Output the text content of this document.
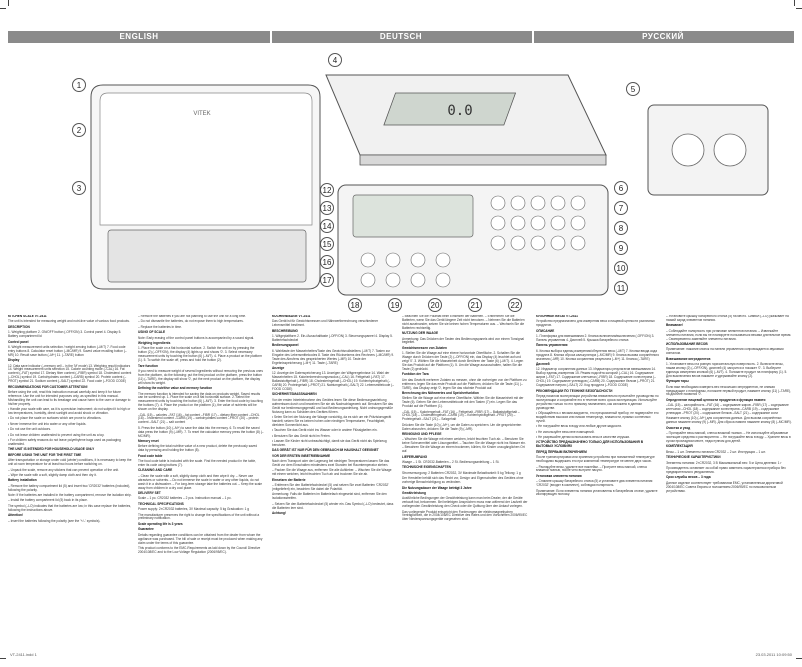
ENGLISH	DEUTSCH	РУССКИЙ
VITEK	0.0
1
2
3
4
5
6
7
8
9
10
11
12
13
14
15
16
17
18	19	20	21	22

KITCHEN SCALE VT-2411

The unit is intended for measuring weight and nutri-tive value of various food products.

DESCRIPTION

1. Weighing platform 2. ON/OFF button (-OFF/ON) 3. Control panel 4. Display 5. Battery compartment lid

Control panel

6. Weight measurement units selection / weight zeroing button (–M/T) 7. Food code entry buttons 8. Calculator reset button (–MC/MR) 9. Saved value recalling button (–MR) 10. Result save button (–M+) 11. (–TARE) button

Display

12. Data save indicator (–memory cell – in the 'M' mode) 13. Weighing result indicators 14. Weight measurement units selection 15. Calorie counting mode (–CAL) 16. Fat content (–FAT) symbol 17. Dietary fiber content (–FIBR) symbol 18. Cholesterol content (–CHOL) symbol 19. Carbohydrates content (–CARB) symbol 20. Protein content (–PROT) symbol 21. Sodium content (–SALT) symbol 22. Food code (–FOOD CODE)

RECOMMENDATIONS FOR CUSTOMER ATTENTION!

Before using the unit, read this instruction manual carefully and keep it for future reference. Use the unit for intended purposes only, as specified in this manual. Mishandling the unit can lead to its breakage and cause harm to the user or damage to his/her property.

• Handle your scale with care, as it is a precision instrument; do not subject it to high or low temperatures, humidity, direct sunlight and avoid shock or vibration.

• Do not place the scale on surfaces which are prone to vibrations.

• Never immerse the unit into water or any other liquids.

• Do not use the unit outdoors.

• Do not leave children unattended to prevent using the unit as a toy.

• For children safety reasons do not leave polyethylene bags used as packaging unattended.

THE UNIT IS INTENDED FOR HOUSEHOLD USAGE ONLY

BEFORE USING THE UNIT FOR THE FIRST TIME

After transportation or storage under cold (winter) conditions, it is necessary to keep the unit at room temperature for at least two hours before switching on.

– Unpack the scale, remove any stickers that can prevent operation of the unit.

– Wipe the scale with a soft, slightly damp cloth and then dry it.

Battery installation

– Remove the battery compartment lid (5) and insert two 'CR2032' batteries (included), following the polarity.

Note: If the batteries are installed in the battery compartment, remove the isolation strip.

– Install the battery compartment lid (5) back in its place.

The symbol (–LO) indicates that the batteries are low; in this case replace the batteries, following the instructions above.

Attention!

– Insert the batteries following the polarity (see the '+/–' symbols).

– Remove the batteries if you are not planning to use the unit for a long time.

– Do not dismantle the batteries, do not expose them to high temperatures.

– Replace the batteries in time.

USING OF SCALE

Note: Early erasing of the control panel buttons is accompanied by a sound signal.

Weighing ingredients

1. Place the scale on a flat horizontal surface. 2. Switch the unit on by pressing the button (2) (–OFF/ON), the display (4) lights up and shows '0'. 3. Select necessary measurement units by touching the button (6) (–M/T). 4. Place a product on the platform (1). 5. To switch the scale off, press and hold the button (2).

Tare function

If you need to measure weight of several ingredients without removing the previous ones from the platform, do the following: put the first product on the platform, press the button (11) (–TARE), the display will show '0', put the next product on the platform, the display will show its weight.

Defining the nutritive value and memory function

The memory function is intended for saving the data on products weight. Saved results can be summed up. 1. Place the scale on a flat horizontal surface. 2. Select the measurement units by touching the button (6) (–M/T). 3. Enter the food code by touching the buttons (7). 4. Place the product on the platform (1), the value of nutrients will be shown on the display.

–CAL (15) – calories –FAT (16) – fat content –FIBR (17) – dietary fiber content –CHOL (18) – cholesterol content –CARB (19) – carbohydrates content –PROT (20) – protein content –SALT (21) – salt content

5. Press the button (10) (–M+) to save the data into the memory. 6. To recall the saved data press the button (9) (–MR). 7. To reset the calculator memory press the button (8) (–MC/MR).

Memory reset

Before defining the total nutritive value of a new product, delete the previously saved data by pressing and holding the button (8).

Food code table

The food code table is included with the scale. Find the needed product in the table, enter its code using buttons (7).

CLEANING AND CARE

– Clean the scale with a soft, slightly damp cloth and then wipe it dry. – Never use abrasives or solvents. – Do not immerse the scale in water or any other liquids, do not wash it in a dishwasher. – For long-term storage take the batteries out. – Keep the scale away from children in a dry cool place.

DELIVERY SET

Scale – 1 pc. CR2032 batteries – 2 pcs. Instruction manual – 1 pc.

TECHNICAL SPECIFICATIONS

Power supply: 2×CR2032 batteries, 3V Maximal capacity: 5 kg Graduation: 1 g

The manufacturer preserves the right to change the specifications of the unit without a preliminary notification.

Scale operating life is 3 years

Guarantee

Details regarding guarantee conditions can be obtained from the dealer from whom the appliance was purchased. The bill of sale or receipt must be produced when making any claim under the terms of this guarantee.

This product conforms to the EMC-Requirements as laid down by the Council Directive 2004/108/EC and to the Low Voltage Regulation (2006/95/EC).

KÜCHENWAAGE VT-2411

Das Gerät ist für Gewichtsmessen und Nährwertberechnung verschiedener Lebensmittel bestimmt.

BESCHREIBUNG

1. Wägeplattform 2. Ein-/Ausschalttaste (-OFF/ON) 3. Steuerungspaneel 4. Display 5. Batteriefachdeckel

Bedienungspanel

6. Wahltaste der Masseinheiten/Taste des Gewichtsnullstellens (–M/T) 7. Tasten zur Eingabe des Lebensmittelcodes 8. Taste des Rücksetzens des Rechners (–MC/MR) 9. Taste des Abrufens des gespeicherten Wertes (–MR) 10. Taste der Ergebnisspeicherung (–M+) 11. Taste (–TARE)

Anzeige

12. Anzeige der Datenspeicherung 13. Anzeigen der Wägeergebnisse 14. Wahl der Masseinheiten 15. Kalorienberechnungsmodus (–CAL) 16. Fettgehalt (–FAT) 17. Ballaststoffgehalt (–FIBR) 18. Cholesteringehalt (–CHOL) 19. Kohlenhydratgehalt (–CARB) 20. Proteingehalt (–PROT) 21. Natriumgehalt (–SALT) 22. Lebensmittelcode (–FOOD CODE)

SICHERHEITSMASSNAHMEN

Vor der ersten Inbetriebnahme des Gerätes lesen Sie diese Bedienungsanleitung aufmerksam durch und bewahren Sie sie als Nachschlagewerk auf. Benutzen Sie das Gerät nur bestimmungsgemäß und laut Bedienungsanleitung. Nicht ordnungsgemäße Nutzung kann zu Schäden des Gerätes führen.

• Seien Sie bei der Nutzung der Waage vorsichtig, da es sich um ein Präzisionsgerät handelt; setzen Sie es keinen hohen oder niedrigen Temperaturen, Feuchtigkeit, direktem Sonnenlicht aus.

• Tauchen Sie das Gerät nicht ins Wasser oder in andere Flüssigkeiten ein.

• Benutzen Sie das Gerät nicht im Freien.

• Lassen Sie Kinder nicht unbeaufsichtigt, damit sie das Gerät nicht als Spielzeug benutzen.

DAS GERÄT IST NUR FÜR DEN GEBRAUCH IM HAUSHALT GEEIGNET

VOR DER ERSTEN INBETRIEBNAHME

Nach dem Transport oder der Lagerung bei niedrigen Temperaturen lassen Sie das Gerät vor dem Einschalten mindestens zwei Stunden bei Raumtemperatur stehen.

– Packen Sie die Waage aus, entfernen Sie alle Aufkleber. – Wischen Sie die Waage mit einem weichen, leicht feuchten Tuch ab und trocknen Sie sie ab.

Einsetzen der Batterie

– Entfernen Sie den Batteriefachdeckel (5) und setzen Sie zwei Batterien 'CR2032' (mitgeliefert) ein, beachten Sie dabei die Polarität.

Anmerkung: Falls die Batterien im Batteriefach eingesetzt sind, entfernen Sie den Isolationsstreifen.

– Setzen Sie den Batteriefachdeckel (5) wieder ein. Das Symbol (–LO) bedeutet, dass die Batterien leer sind.

Achtung!

– Beachten Sie die Polarität beim Einsetzen der Batterien. – Entnehmen Sie die Batterien, wenn Sie das Gerät längere Zeit nicht benutzen. – Nehmen Sie die Batterien nicht auseinander, setzen Sie sie keinen hohen Temperaturen aus. – Wechseln Sie die Batterien rechtzeitig.

NUTZUNG DER WAAGE

Anmerkung: Das Drücken der Tasten des Bedienungspanels wird von einem Tonsignal begleitet.

Gewichtsmessen von Zutaten

1. Stellen Sie die Waage auf eine ebene horizontale Oberfläche. 2. Schalten Sie die Waage durch Drücken der Taste (2) (–OFF/ON) ein, das Display (4) leuchtet auf und zeigt '0'. 3. Wählen Sie die Masseinheit durch Berühren der Taste (6) (–M/T). 4. Legen Sie das Produkt auf die Plattform (1). 5. Um die Waage auszuschalten, halten Sie die Taste (2) gedrückt.

Funktion der Tara

Um das Gewicht mehrerer Zutaten zu messen, ohne die vorherigen von der Plattform zu entfernen, legen Sie das erste Produkt auf die Plattform, drücken Sie die Taste (11) (–TARE), das Display zeigt '0', legen Sie das nächste Produkt auf.

Berechnung des Nährwertes und Speicherfunktion

Stellen Sie die Waage auf eine ebene Oberfläche. Wählen Sie die Masseinheit mit der Taste (6). Geben Sie den Lebensmittelcode mit den Tasten (7) ein. Legen Sie das Produkt auf die Plattform (1).

–CAL (15) – Kaloriengehalt –FAT (16) – Fettgehalt –FIBR (17) – Ballaststoffgehalt –CHOL (18) – Cholesteringehalt –CARB (19) – Kohlenhydratgehalt –PROT (20) – Proteingehalt –SALT (21) – Salzgehalt

Drücken Sie die Taste (10) (–M+), um die Daten zu speichern. Um die gespeicherten Daten abzurufen, drücken Sie die Taste (9) (–MR).

REINIGUNG UND PFLEGE

– Wischen Sie die Waage mit einem weichen, leicht feuchten Tuch ab. – Benutzen Sie keine Scheuermittel oder Lösungsmittel. – Tauchen Sie die Waage nicht ins Wasser ein. – Bewahren Sie die Waage an einem trockenen, kühlen, für Kinder unzugänglichen Ort auf.

LIEFERUMFANG

Waage – 1 St. CR2032-Batterien – 2 St. Bedienungsanleitung – 1 St.

TECHNISCHE EIGENSCHAFTEN

Stromversorgung: 2 Batterien CR2032, 3V Maximale Belastbarkeit: 5 kg Teilung: 1 g

Der Hersteller behält sich das Recht vor, Design und Eigenschaften des Gerätes ohne vorherige Benachrichtigung zu verändern.

Die Nutzungsdauer der Waage beträgt 3 Jahre

Gewährleistung

Ausführliche Bedingungen der Gewährleistung kann man beim Dealer, der die Geräte verkauft hat, bekommen. Bei beliebigen Ansprüchen muss man während der Laufzeit der vorliegenden Gewährleistung den Check oder die Quittung über den Ankauf vorlegen.

Das vorliegende Produkt entspricht den Forderungen der elektromagnetischen Verträglichkeit, die in 2004/108/EC Direktive des Rates und den Vorschriften 2006/95/EC über Niederspannungsgeräte vorgesehen sind.

КУХОННЫЕ ВЕСЫ VT-2411

Устройство предназначено для измерения веса и пищевой ценности различных продуктов.

ОПИСАНИЕ

1. Платформа для взвешивания 2. Кнопка включения/выключения (-OFF/ON) 3. Панель управления 4. Дисплей 5. Крышка батарейного отсека

Панель управления

6. Кнопка выбора единиц измерения/обнуления веса (–M/T) 7. Кнопки ввода кода продукта 8. Кнопка сброса калькулятора (–MC/MR) 9. Кнопка вызова сохранённого значения (–MR) 10. Кнопка сохранения результата (–M+) 11. Кнопка (–TARE)

Дисплей

12. Индикатор сохранения данных 13. Индикаторы результатов взвешивания 14. Выбор единиц измерения 15. Режим подсчёта калорий (–CAL) 16. Содержание жиров (–FAT) 17. Содержание клетчатки (–FIBR) 18. Содержание холестерина (–CHOL) 19. Содержание углеводов (–CARB) 20. Содержание белков (–PROT) 21. Содержание натрия (–SALT) 22. Код продукта (–FOOD CODE)

РЕКОМЕНДАЦИИ ПО ТЕХНИКЕ БЕЗОПАСНОСТИ

Перед началом эксплуатации устройства внимательно прочитайте руководство по эксплуатации и сохраняйте его в течение всего срока эксплуатации. Используйте устройство только по его прямому назначению, как изложено в данном руководстве.

• Обращайтесь с весами аккуратно, это прецизионный прибор; не подвергайте его воздействию высоких или низких температур, влажности, прямых солнечных лучей.

• Не погружайте весы в воду или любые другие жидкости.

• Не используйте весы вне помещений.

• Не разрешайте детям использовать весы в качестве игрушки.

УСТРОЙСТВО ПРЕДНАЗНАЧЕНО ТОЛЬКО ДЛЯ ИСПОЛЬЗОВАНИЯ В БЫТОВЫХ УСЛОВИЯХ

ПЕРЕД ПЕРВЫМ ВКЛЮЧЕНИЕМ

После транспортировки или хранения устройства при пониженной температуре необходимо выдержать его при комнатной температуре не менее двух часов.

– Распакуйте весы, удалите все наклейки. – Протрите весы мягкой, слегка влажной тканью, после чего вытрите насухо.

Установка элемента питания

– Снимите крышку батарейного отсека (5) и установите два элемента питания 'CR2032' (входят в комплект), соблюдая полярность.

Примечание: Если элементы питания установлены в батарейном отсеке, удалите изолирующую полоску.

– Установите крышку батарейного отсека (5) на место. Символ (–LO) указывает на низкий заряд элементов питания.

Внимание!

– Соблюдайте полярность при установке элементов питания. – Извлекайте элементы питания, если вы не планируете пользоваться весами длительное время. – Своевременно заменяйте элементы питания.

ИСПОЛЬЗОВАНИЕ ВЕСОВ

Примечание: нажатие кнопок на панели управления сопровождается звуковым сигналом.

Взвешивание ингредиентов

1. Установите весы на ровную горизонтальную поверхность. 2. Включите весы, нажав кнопку (2) (–OFF/ON), дисплей (4) загорится и покажет '0'. 3. Выберите единицы измерения кнопкой (6) (–M/T). 4. Положите продукт на платформу (1). 5. Для выключения весов нажмите и удерживайте кнопку (2).

Функция тары

Если вам необходимо измерить вес нескольких ингредиентов, не снимая предыдущие с платформы, положите первый продукт, нажмите кнопку (11) (–TARE), на дисплее появится '0'.

Определение пищевой ценности продуктов и функция памяти

–CAL (15) – калорийность –FAT (16) – содержание жиров –FIBR (17) – содержание клетчатки –CHOL (18) – содержание холестерина –CARB (19) – содержание углеводов –PROT (20) – содержание белков –SALT (21) – содержание соли

Нажмите кнопку (10) (–M+) для сохранения данных. Для вызова сохранённых данных нажмите кнопку (9) (–MR). Для сброса памяти нажмите кнопку (8) (–MC/MR).

Очистка и уход

– Протирайте весы мягкой, слегка влажной тканью. – Не используйте абразивные чистящие средства и растворители. – Не погружайте весы в воду. – Храните весы в сухом прохладном месте, недоступном для детей.

КОМПЛЕКТАЦИЯ

Весы – 1 шт. Элементы питания CR2032 – 2 шт. Инструкция – 1 шт.

ТЕХНИЧЕСКИЕ ХАРАКТЕРИСТИКИ

Элементы питания: 2×CR2032, 3 В Максимальный вес: 5 кг Цена деления: 1 г

Производитель оставляет за собой право изменять характеристики прибора без предварительного уведомления.

Срок службы весов – 3 года

Данное изделие соответствует требованиям ЕМС, установленным директивой 2004/108/EC Совета Европы и положением 2006/95/EC по низковольтным устройствам.

VT-2411.indd 1	23.03.2011 10:09:50
